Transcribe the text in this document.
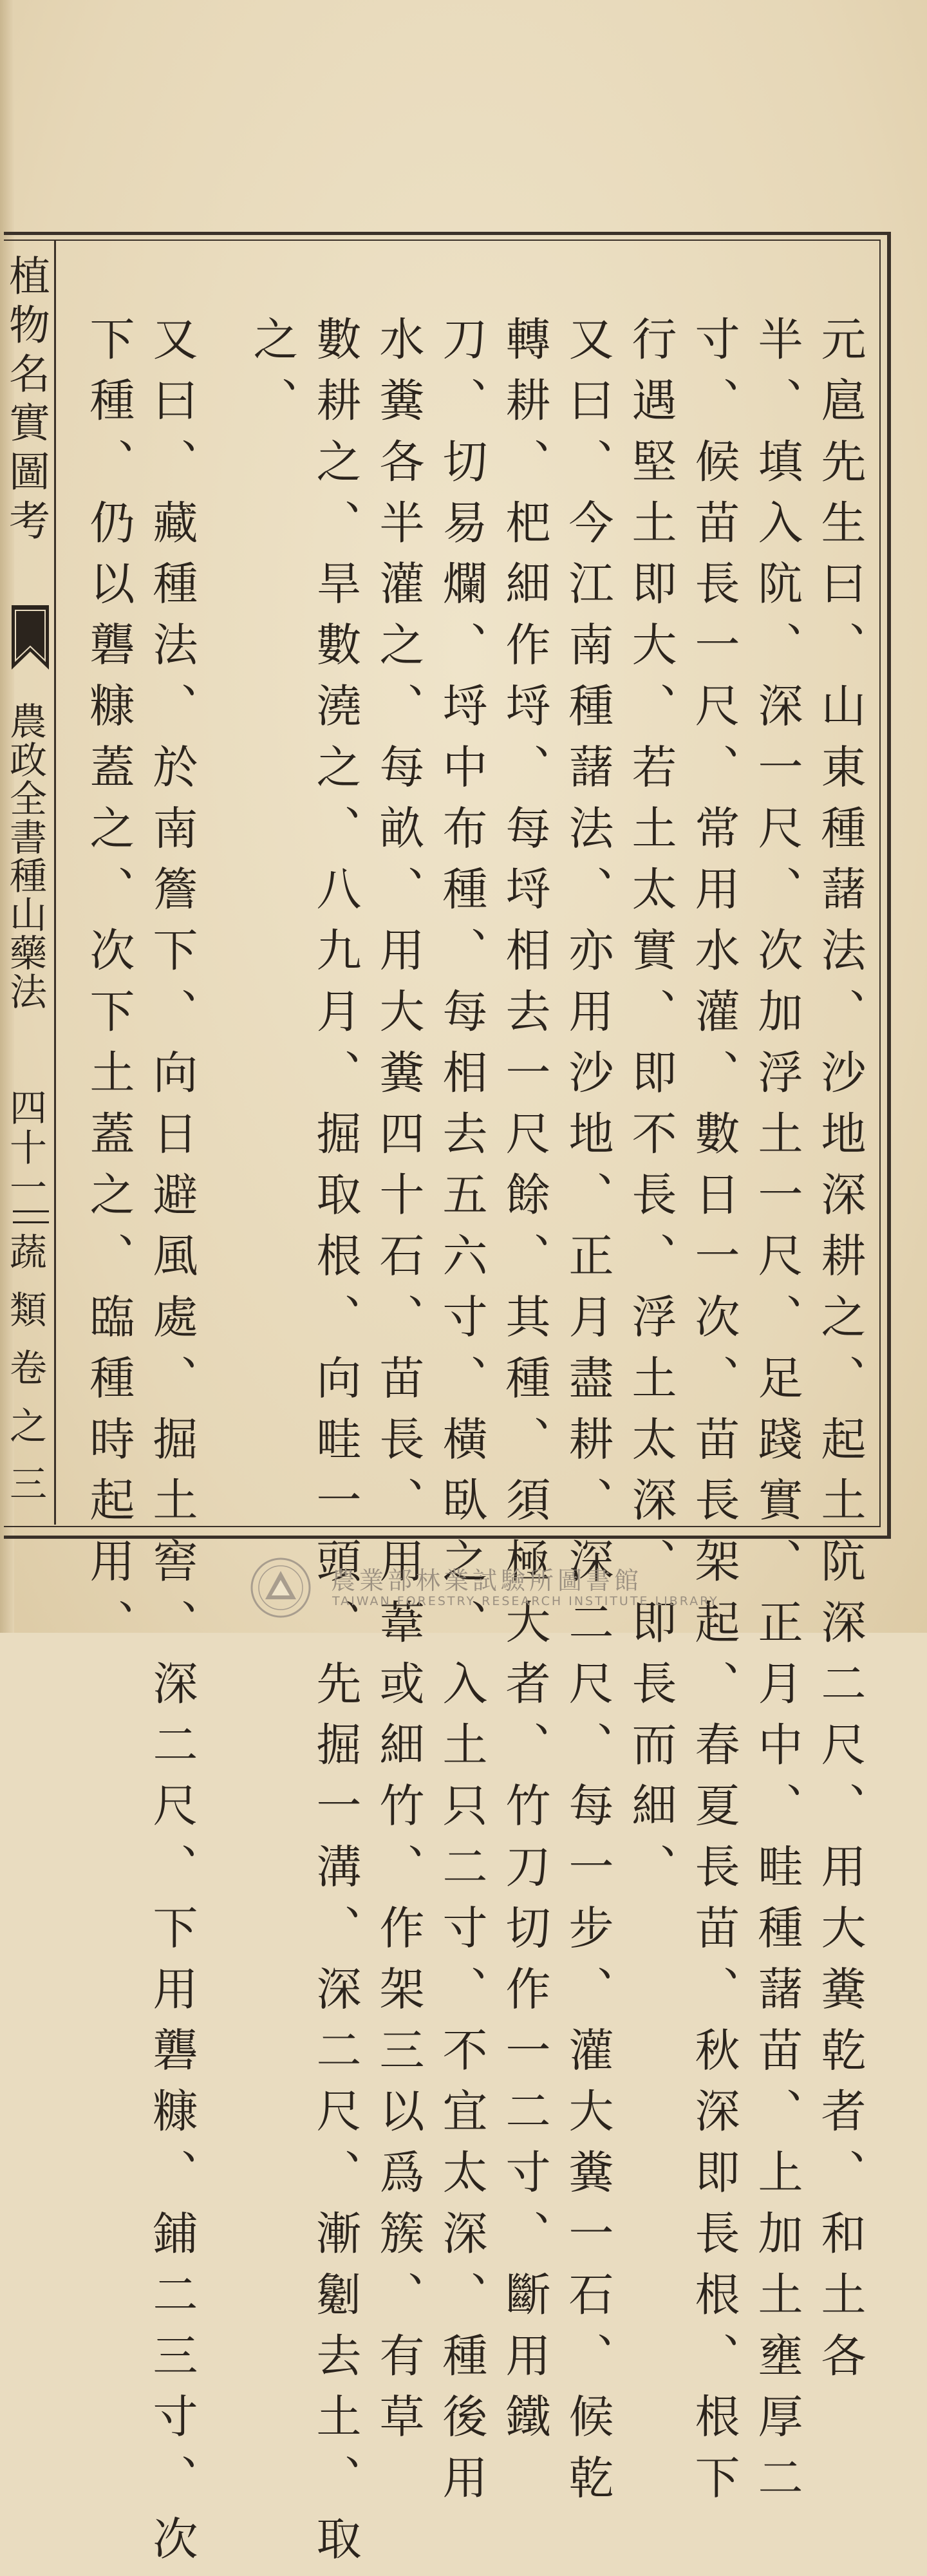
元扈先生曰、山東種藷法、沙地深耕之、起土阬深二尺、用大糞乾者、和土各
半、填入阬、深一尺、次加浮土一尺、足踐實、正月中、畦種藷苗、上加土壅厚二
寸、候苗長一尺、常用水灌、數日一次、苗長架起、春夏長苗、秋深即長根、根下
行遇堅土即大、若土太實、即不長、浮土太深、即長而細、
又曰、今江南種藷法、亦用沙地、正月盡耕、深二尺、每一步、灌大糞一石、候乾
轉耕、杷細作埒、每埒相去一尺餘、其種、須極大者、竹刀切作一二寸、斷用鐵
刀、切易爛、埒中布種、每相去五六寸、橫臥之、入土只二寸、不宜太深、種後用
水糞各半灌之、每畝、用大糞四十石、苗長、用葦或細竹、作架三以爲簇、有草
數耕之、旱數澆之、八九月、掘取根、向畦一頭、先掘一溝、深二尺、漸劖去土、取
之、
又曰、藏種法、於南簷下、向日避風處、掘土窖、深二尺、下用礱糠、鋪二三寸、次
下種、仍以礱糠蓋之、次下土蓋之、臨種時起用、
植物名實圖考
農政全書種山藥法
四十一
蔬類卷之三
農業部林業試驗所圖書館
TAIWAN FORESTRY RESEARCH INSTITUTE LIBRARY
